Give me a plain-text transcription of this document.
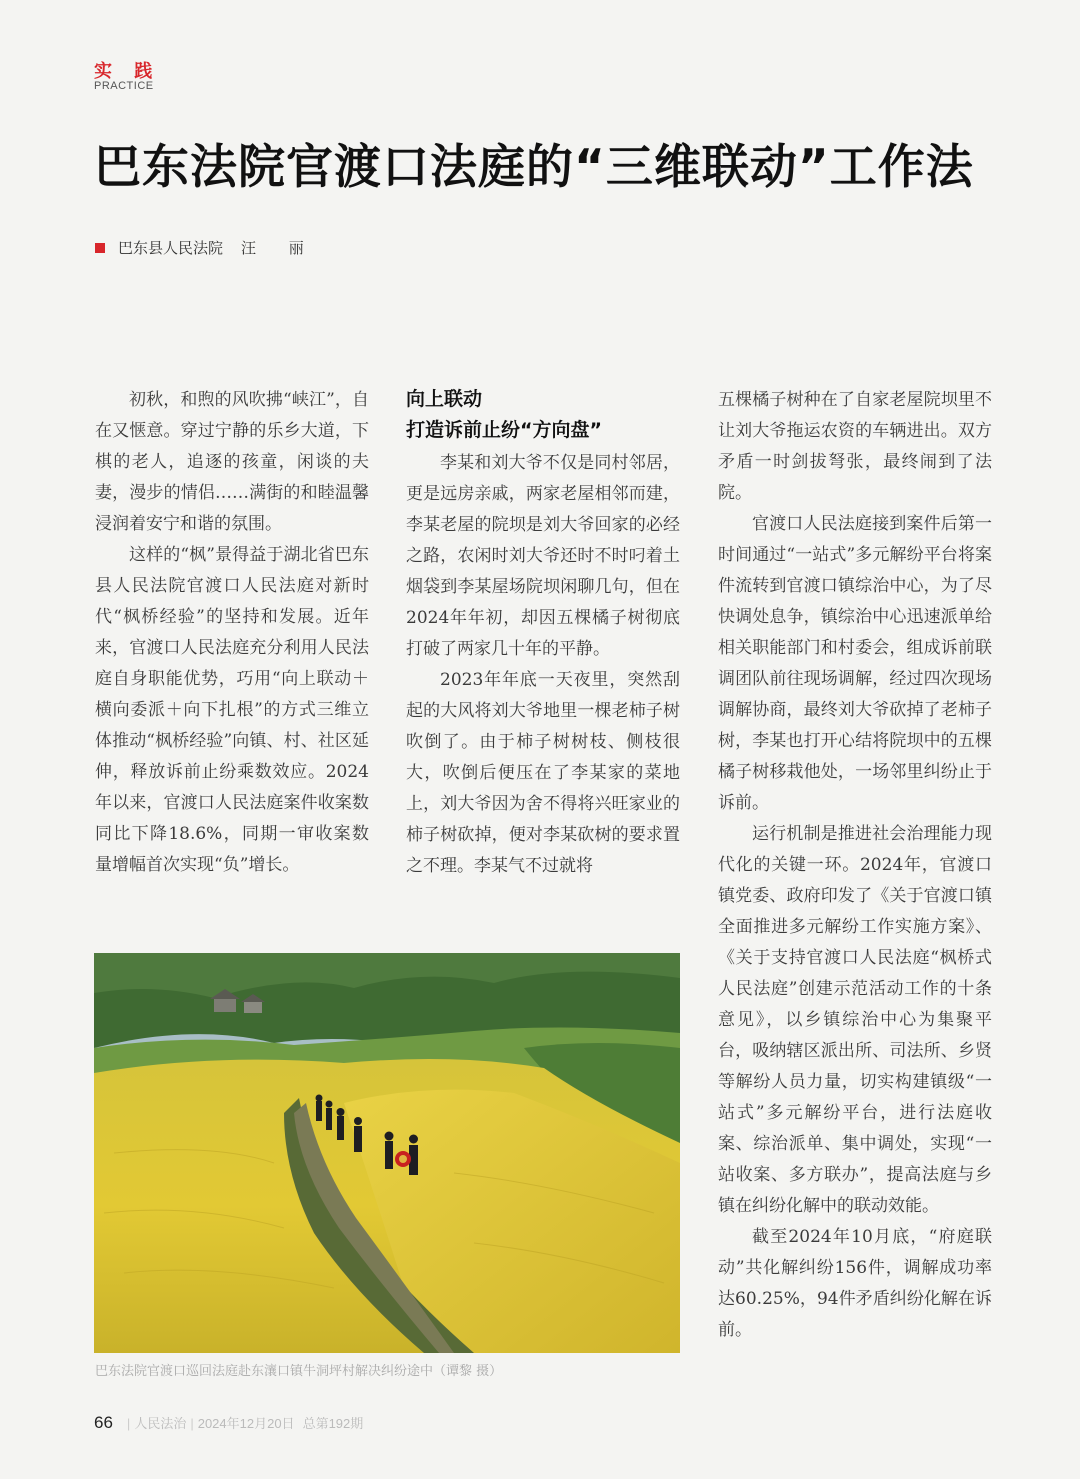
实 践
PRACTICE
巴东法院官渡口法庭的“三维联动”工作法
巴东县人民法院 汪 丽

初秋，和煦的风吹拂“峡江”，自在又惬意。穿过宁静的乐乡大道，下棋的老人，追逐的孩童，闲谈的夫妻，漫步的情侣……满街的和睦温馨浸润着安宁和谐的氛围。

这样的“枫”景得益于湖北省巴东县人民法院官渡口人民法庭对新时代“枫桥经验”的坚持和发展。近年来，官渡口人民法庭充分利用人民法庭自身职能优势，巧用“向上联动＋横向委派＋向下扎根”的方式三维立体推动“枫桥经验”向镇、村、社区延伸，释放诉前止纷乘数效应。2024年以来，官渡口人民法庭案件收案数同比下降18.6%，同期一审收案数量增幅首次实现“负”增长。

向上联动
打造诉前止纷“方向盘”

李某和刘大爷不仅是同村邻居，更是远房亲戚，两家老屋相邻而建，李某老屋的院坝是刘大爷回家的必经之路，农闲时刘大爷还时不时叼着土烟袋到李某屋场院坝闲聊几句，但在2024年年初，却因五棵橘子树彻底打破了两家几十年的平静。

2023年年底一天夜里，突然刮起的大风将刘大爷地里一棵老柿子树吹倒了。由于柿子树树枝、侧枝很大，吹倒后便压在了李某家的菜地上，刘大爷因为舍不得将兴旺家业的柿子树砍掉，便对李某砍树的要求置之不理。李某气不过就将

五棵橘子树种在了自家老屋院坝里不让刘大爷拖运农资的车辆进出。双方矛盾一时剑拔弩张，最终闹到了法院。

官渡口人民法庭接到案件后第一时间通过“一站式”多元解纷平台将案件流转到官渡口镇综治中心，为了尽快调处息争，镇综治中心迅速派单给相关职能部门和村委会，组成诉前联调团队前往现场调解，经过四次现场调解协商，最终刘大爷砍掉了老柿子树，李某也打开心结将院坝中的五棵橘子树移栽他处，一场邻里纠纷止于诉前。

运行机制是推进社会治理能力现代化的关键一环。2024年，官渡口镇党委、政府印发了《关于官渡口镇全面推进多元解纷工作实施方案》、《关于支持官渡口人民法庭“枫桥式人民法庭”创建示范活动工作的十条意见》，以乡镇综治中心为集聚平台，吸纳辖区派出所、司法所、乡贤等解纷人员力量，切实构建镇级“一站式”多元解纷平台，进行法庭收案、综治派单、集中调处，实现“一站收案、多方联办”，提高法庭与乡镇在纠纷化解中的联动效能。

截至2024年10月底，“府庭联动”共化解纠纷156件，调解成功率达60.25%，94件矛盾纠纷化解在诉前。

巴东法院官渡口巡回法庭赴东瀼口镇牛洞坪村解决纠纷途中（谭黎 摄）
66 | 人民法治 | 2024年12月20日 总第192期
